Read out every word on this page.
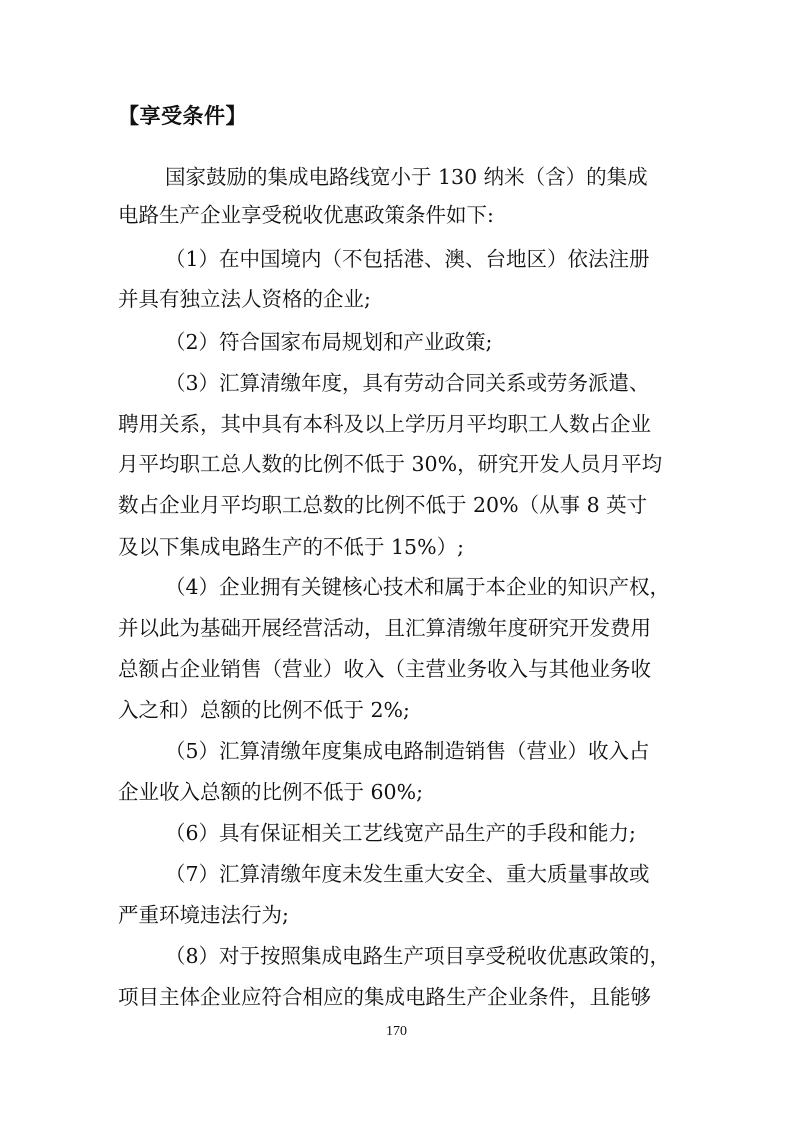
【享受条件】
国家鼓励的集成电路线宽小于 130 纳米（含）的集成
电路生产企业享受税收优惠政策条件如下:
（1）在中国境内（不包括港、澳、台地区）依法注册
并具有独立法人资格的企业;
（2）符合国家布局规划和产业政策;
（3）汇算清缴年度，具有劳动合同关系或劳务派遣、
聘用关系，其中具有本科及以上学历月平均职工人数占企业
月平均职工总人数的比例不低于 30%，研究开发人员月平均
数占企业月平均职工总数的比例不低于 20%（从事 8 英寸
及以下集成电路生产的不低于 15%）;
（4）企业拥有关键核心技术和属于本企业的知识产权，
并以此为基础开展经营活动，且汇算清缴年度研究开发费用
总额占企业销售（营业）收入（主营业务收入与其他业务收
入之和）总额的比例不低于 2%;
（5）汇算清缴年度集成电路制造销售（营业）收入占
企业收入总额的比例不低于 60%;
（6）具有保证相关工艺线宽产品生产的手段和能力;
（7）汇算清缴年度未发生重大安全、重大质量事故或
严重环境违法行为;
（8）对于按照集成电路生产项目享受税收优惠政策的，
项目主体企业应符合相应的集成电路生产企业条件，且能够
170
